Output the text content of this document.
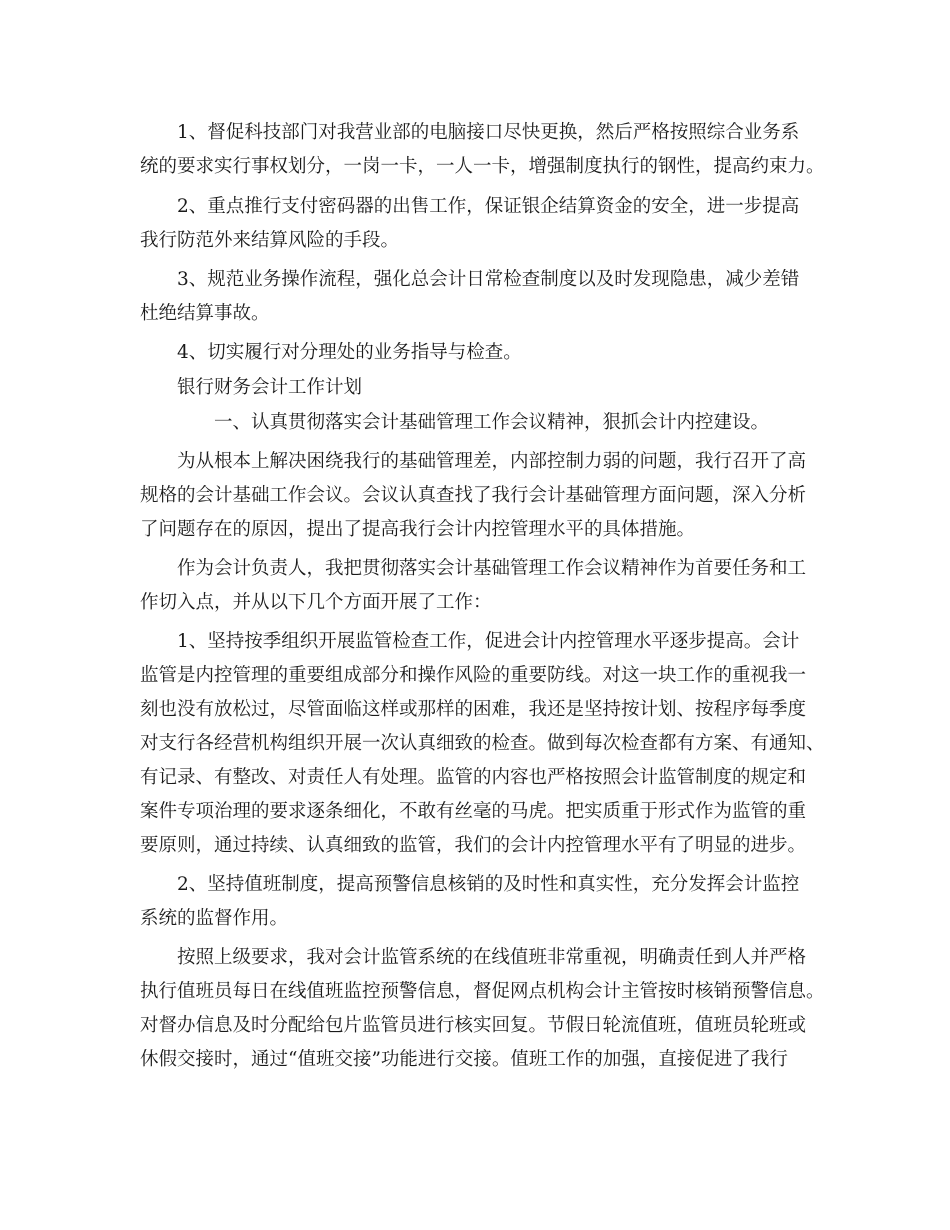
1、督促科技部门对我营业部的电脑接口尽快更换，然后严格按照综合业务系
统的要求实行事权划分，一岗一卡，一人一卡，增强制度执行的钢性，提高约束力。
2、重点推行支付密码器的出售工作，保证银企结算资金的安全，进一步提高
我行防范外来结算风险的手段。
3、规范业务操作流程，强化总会计日常检查制度以及时发现隐患，减少差错
杜绝结算事故。
4、切实履行对分理处的业务指导与检查。
银行财务会计工作计划
一、认真贯彻落实会计基础管理工作会议精神，狠抓会计内控建设。
为从根本上解决困绕我行的基础管理差，内部控制力弱的问题，我行召开了高
规格的会计基础工作会议。会议认真查找了我行会计基础管理方面问题，深入分析
了问题存在的原因，提出了提高我行会计内控管理水平的具体措施。
作为会计负责人，我把贯彻落实会计基础管理工作会议精神作为首要任务和工
作切入点，并从以下几个方面开展了工作：
1、坚持按季组织开展监管检查工作，促进会计内控管理水平逐步提高。会计
监管是内控管理的重要组成部分和操作风险的重要防线。对这一块工作的重视我一
刻也没有放松过，尽管面临这样或那样的困难，我还是坚持按计划、按程序每季度
对支行各经营机构组织开展一次认真细致的检查。做到每次检查都有方案、有通知、
有记录、有整改、对责任人有处理。监管的内容也严格按照会计监管制度的规定和
案件专项治理的要求逐条细化，不敢有丝毫的马虎。把实质重于形式作为监管的重
要原则，通过持续、认真细致的监管，我们的会计内控管理水平有了明显的进步。
2、坚持值班制度，提高预警信息核销的及时性和真实性，充分发挥会计监控
系统的监督作用。
按照上级要求，我对会计监管系统的在线值班非常重视，明确责任到人并严格
执行值班员每日在线值班监控预警信息，督促网点机构会计主管按时核销预警信息。
对督办信息及时分配给包片监管员进行核实回复。节假日轮流值班，值班员轮班或
休假交接时，通过“值班交接”功能进行交接。值班工作的加强，直接促进了我行
